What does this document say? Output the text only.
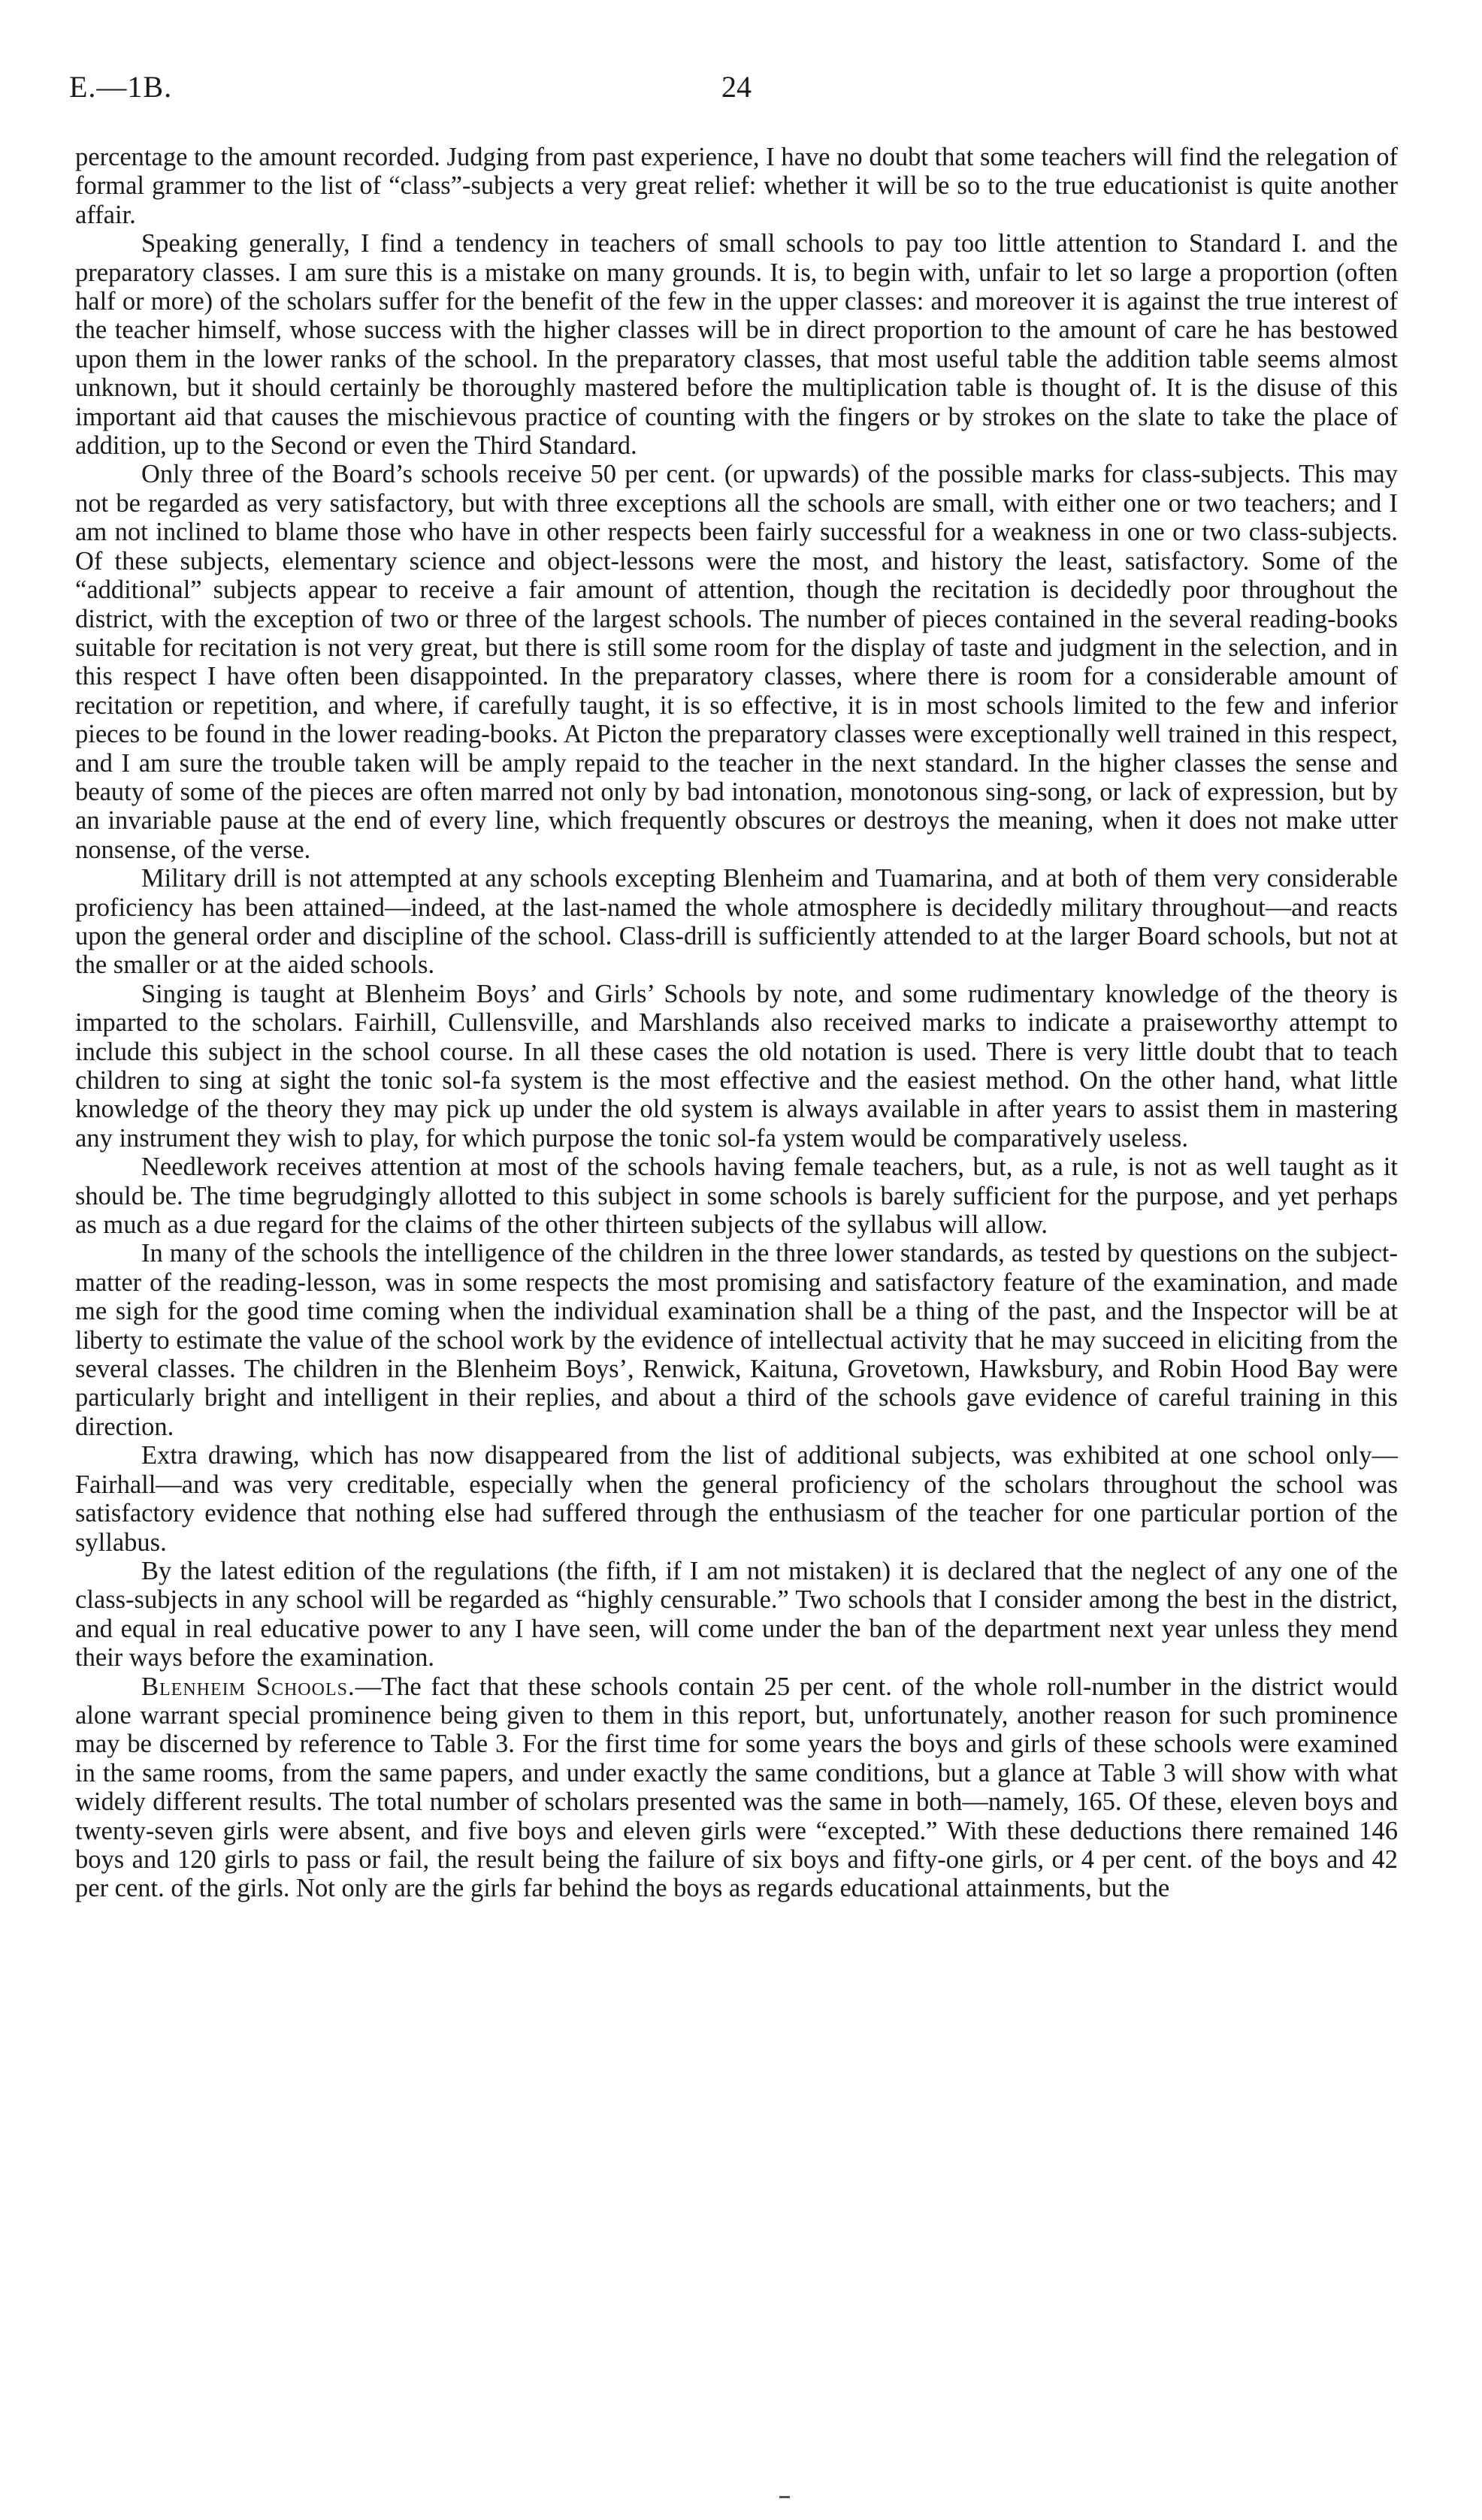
E.—1B.	24

percentage to the amount recorded. Judging from past experience, I have no doubt that some teachers will find the relegation of formal grammer to the list of “class”-subjects a very great relief: whether it will be so to the true educationist is quite another affair.

Speaking generally, I find a tendency in teachers of small schools to pay too little attention to Standard I. and the preparatory classes. I am sure this is a mistake on many grounds. It is, to begin with, unfair to let so large a proportion (often half or more) of the scholars suffer for the benefit of the few in the upper classes: and moreover it is against the true interest of the teacher himself, whose success with the higher classes will be in direct proportion to the amount of care he has bestowed upon them in the lower ranks of the school. In the preparatory classes, that most useful table the addition table seems almost unknown, but it should certainly be thoroughly mastered before the multiplication table is thought of. It is the disuse of this important aid that causes the mischievous practice of counting with the fingers or by strokes on the slate to take the place of addition, up to the Second or even the Third Standard.

Only three of the Board’s schools receive 50 per cent. (or upwards) of the possible marks for class-subjects. This may not be regarded as very satisfactory, but with three exceptions all the schools are small, with either one or two teachers; and I am not inclined to blame those who have in other respects been fairly successful for a weakness in one or two class-subjects. Of these subjects, elementary science and object-lessons were the most, and history the least, satisfactory. Some of the “additional” subjects appear to receive a fair amount of attention, though the recitation is decidedly poor throughout the district, with the exception of two or three of the largest schools. The number of pieces contained in the several reading-books suitable for recitation is not very great, but there is still some room for the display of taste and judgment in the selection, and in this respect I have often been disappointed. In the preparatory classes, where there is room for a considerable amount of recitation or repetition, and where, if carefully taught, it is so effective, it is in most schools limited to the few and inferior pieces to be found in the lower reading-books. At Picton the preparatory classes were exceptionally well trained in this respect, and I am sure the trouble taken will be amply repaid to the teacher in the next standard. In the higher classes the sense and beauty of some of the pieces are often marred not only by bad intonation, monotonous sing-song, or lack of expression, but by an invariable pause at the end of every line, which frequently obscures or destroys the meaning, when it does not make utter nonsense, of the verse.

Military drill is not attempted at any schools excepting Blenheim and Tuamarina, and at both of them very considerable proficiency has been attained—indeed, at the last-named the whole atmosphere is decidedly military throughout—and reacts upon the general order and discipline of the school. Class-drill is sufficiently attended to at the larger Board schools, but not at the smaller or at the aided schools.

Singing is taught at Blenheim Boys’ and Girls’ Schools by note, and some rudimentary knowledge of the theory is imparted to the scholars. Fairhill, Cullensville, and Marshlands also received marks to indicate a praiseworthy attempt to include this subject in the school course. In all these cases the old notation is used. There is very little doubt that to teach children to sing at sight the tonic sol-fa system is the most effective and the easiest method. On the other hand, what little knowledge of the theory they may pick up under the old system is always available in after years to assist them in mastering any instrument they wish to play, for which purpose the tonic sol-fa ystem would be comparatively useless.

Needlework receives attention at most of the schools having female teachers, but, as a rule, is not as well taught as it should be. The time begrudgingly allotted to this subject in some schools is barely sufficient for the purpose, and yet perhaps as much as a due regard for the claims of the other thirteen subjects of the syllabus will allow.

In many of the schools the intelligence of the children in the three lower standards, as tested by questions on the subject-matter of the reading-lesson, was in some respects the most promising and satisfactory feature of the examination, and made me sigh for the good time coming when the individual examination shall be a thing of the past, and the Inspector will be at liberty to estimate the value of the school work by the evidence of intellectual activity that he may succeed in eliciting from the several classes. The children in the Blenheim Boys’, Renwick, Kaituna, Grovetown, Hawksbury, and Robin Hood Bay were particularly bright and intelligent in their replies, and about a third of the schools gave evidence of careful training in this direction.

Extra drawing, which has now disappeared from the list of additional subjects, was exhibited at one school only—Fairhall—and was very creditable, especially when the general proficiency of the scholars throughout the school was satisfactory evidence that nothing else had suffered through the enthusiasm of the teacher for one particular portion of the syllabus.

By the latest edition of the regulations (the fifth, if I am not mistaken) it is declared that the neglect of any one of the class-subjects in any school will be regarded as “highly censurable.” Two schools that I consider among the best in the district, and equal in real educative power to any I have seen, will come under the ban of the department next year unless they mend their ways before the examination.

Blenheim Schools.—The fact that these schools contain 25 per cent. of the whole roll-number in the district would alone warrant special prominence being given to them in this report, but, unfortunately, another reason for such prominence may be discerned by reference to Table 3. For the first time for some years the boys and girls of these schools were examined in the same rooms, from the same papers, and under exactly the same conditions, but a glance at Table 3 will show with what widely different results. The total number of scholars presented was the same in both—namely, 165. Of these, eleven boys and twenty-seven girls were absent, and five boys and eleven girls were “excepted.” With these deductions there remained 146 boys and 120 girls to pass or fail, the result being the failure of six boys and fifty-one girls, or 4 per cent. of the boys and 42 per cent. of the girls. Not only are the girls far behind the boys as regards educational attainments, but the
